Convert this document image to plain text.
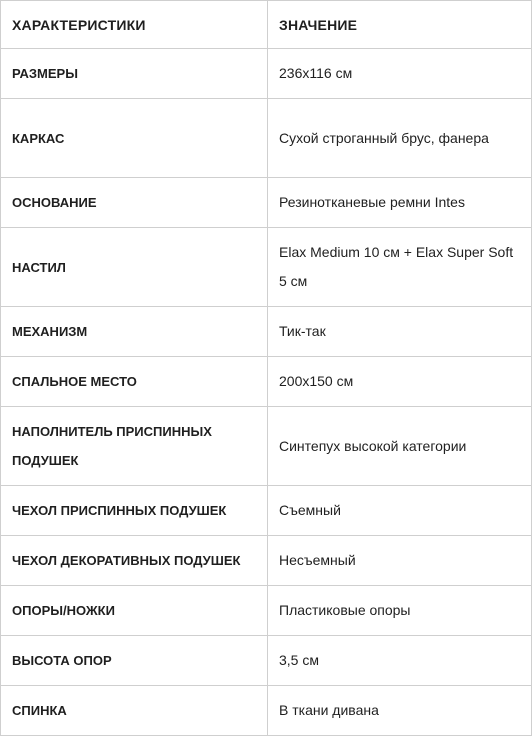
ХАРАКТЕРИСТИКИ	ЗНАЧЕНИЕ
РАЗМЕРЫ	236x116 см
КАРКАС	Сухой строганный брус, фанера
ОСНОВАНИЕ	Резинотканевые ремни Intes
НАСТИЛ	Elax Medium 10 см + Elax Super Soft 5 см
МЕХАНИЗМ	Тик-так
СПАЛЬНОЕ МЕСТО	200x150 см
НАПОЛНИТЕЛЬ ПРИСПИННЫХ ПОДУШЕК	Синтепух высокой категории
ЧЕХОЛ ПРИСПИННЫХ ПОДУШЕК	Съемный
ЧЕХОЛ ДЕКОРАТИВНЫХ ПОДУШЕК	Несъемный
ОПОРЫ/НОЖКИ	Пластиковые опоры
ВЫСОТА ОПОР	3,5 см
СПИНКА	В ткани дивана
